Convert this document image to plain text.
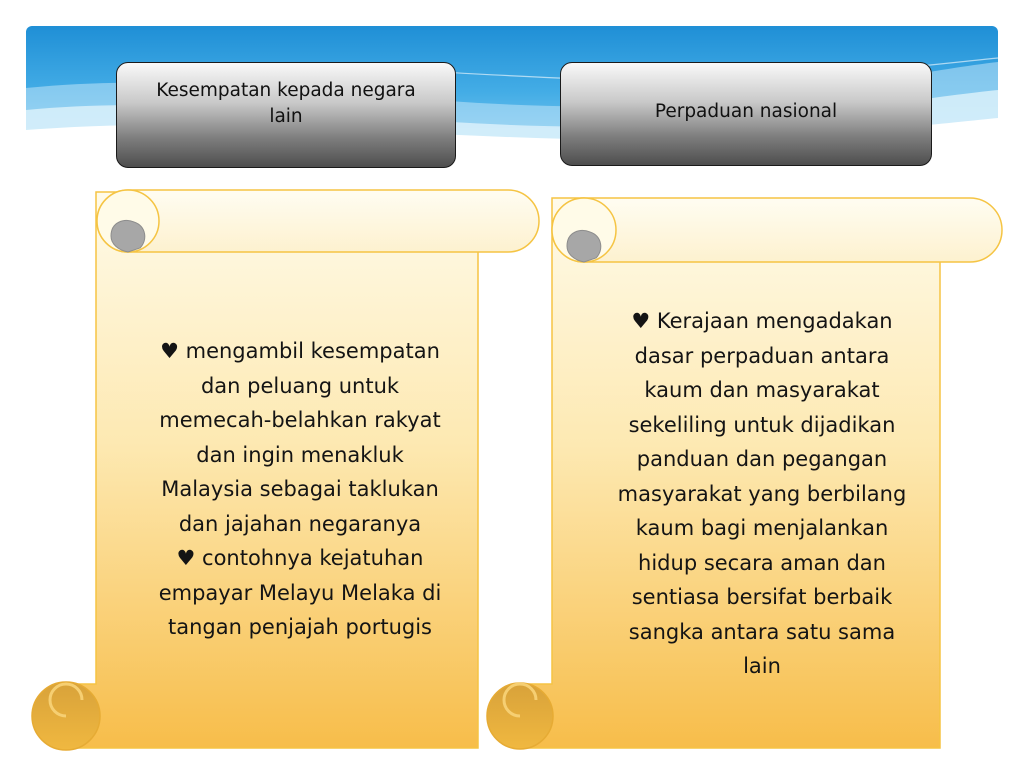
Kesempatan kepada negara
lain	Perpaduan nasional
♥ mengambil kesempatan
dan peluang untuk
memecah-belahkan rakyat
dan ingin menakluk
Malaysia sebagai taklukan
dan jajahan negaranya
♥ contohnya kejatuhan
empayar Melayu Melaka di
tangan penjajah portugis
♥ Kerajaan mengadakan
dasar perpaduan antara
kaum dan masyarakat
sekeliling untuk dijadikan
panduan dan pegangan
masyarakat yang berbilang
kaum bagi menjalankan
hidup secara aman dan
sentiasa bersifat berbaik
sangka antara satu sama
lain
